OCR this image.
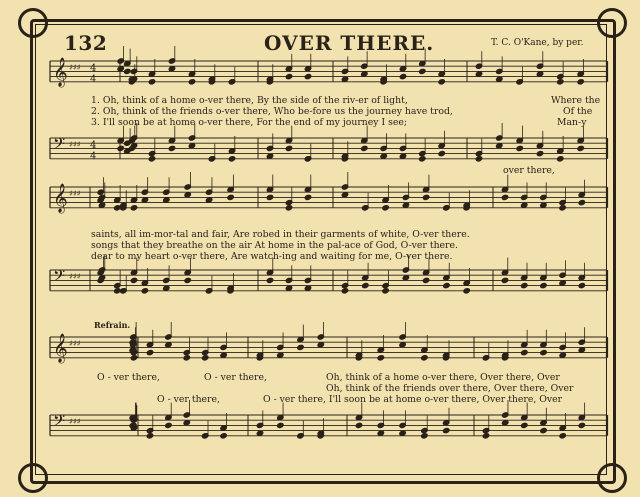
132	OVER THERE.	T. C. O'Kane, by per.
𝄞 ♯♯♯
𝄢 ♯♯♯
𝄞 ♯♯♯
𝄢 ♯♯♯
𝄞 ♯♯♯
𝄢 ♯♯♯
4
4
4
4
1. Oh, think of a home o-ver there, By the side of the riv-er of light,	Where the
2. Oh, think of the friends o-ver there, Who be-fore us the journey have trod,	Of the
3. I'll soon be at home o-ver there, For the end of my journey I see;	Man-y
over there,
saints, all im-mor-tal and fair, Are robed in their garments of white, O-ver there.
songs that they breathe on the air At home in the pal-ace of God, O-ver there.
dear to my heart o-ver there, Are watch-ing and waiting for me, O-ver there.
Refrain.
O - ver there,	O - ver there,	Oh, think of a home o-ver there, Over there, Over
Oh, think of the friends over there, Over there, Over
O - ver there,	O - ver there, I'll soon be at home o-ver there, Over there, Over
